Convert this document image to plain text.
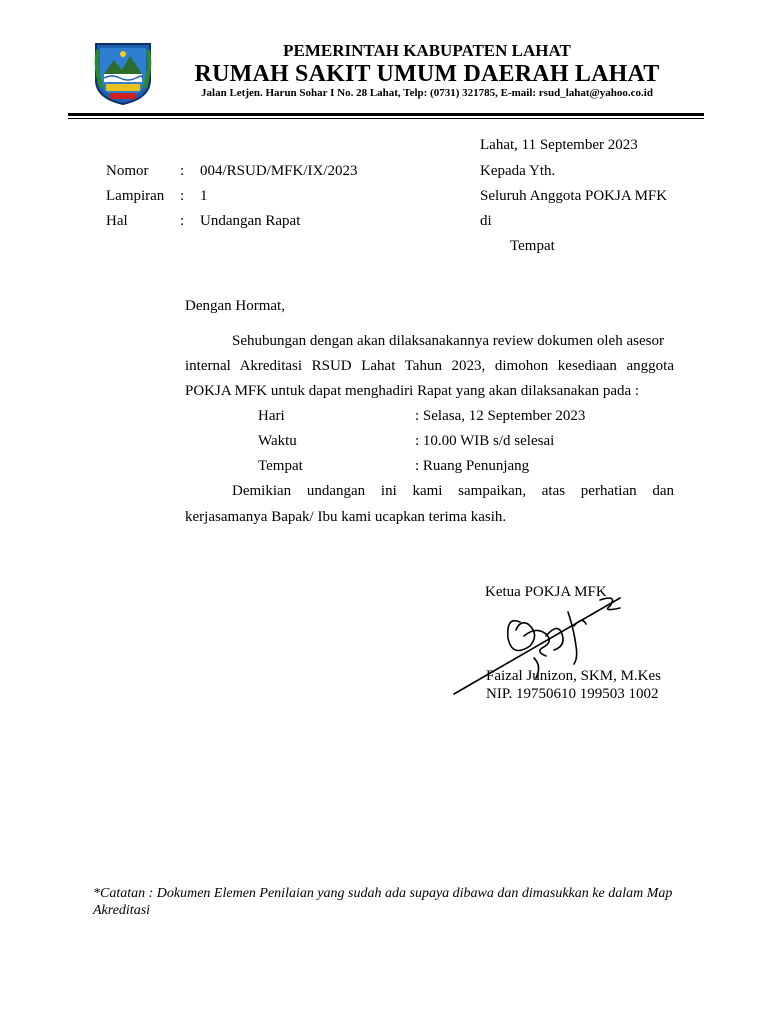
PEMERINTAH KABUPATEN LAHAT
RUMAH SAKIT UMUM DAERAH LAHAT
Jalan Letjen. Harun Sohar I No. 28 Lahat, Telp: (0731) 321785, E-mail: rsud_lahat@yahoo.co.id
Lahat, 11 September 2023
Nomor : 004/RSUD/MFK/IX/2023
Lampiran : 1
Hal	: Undangan Rapat
Kepada Yth.
Seluruh Anggota POKJA MFK
di
Tempat
Dengan Hormat,
Sehubungan dengan akan dilaksanakannya review dokumen oleh asesor
internal Akreditasi RSUD Lahat Tahun 2023, dimohon kesediaan anggota
POKJA MFK untuk dapat menghadiri Rapat yang akan dilaksanakan pada :
Hari	: Selasa, 12 September 2023
Waktu	: 10.00 WIB s/d selesai
Tempat	: Ruang Penunjang
Demikian undangan ini kami sampaikan, atas perhatian dan
kerjasamanya Bapak/ Ibu kami ucapkan terima kasih.
Ketua POKJA MFK
Faizal Junizon, SKM, M.Kes
NIP. 19750610 199503 1002
*Catatan : Dokumen Elemen Penilaian yang sudah ada supaya dibawa dan dimasukkan ke dalam Map Akreditasi
